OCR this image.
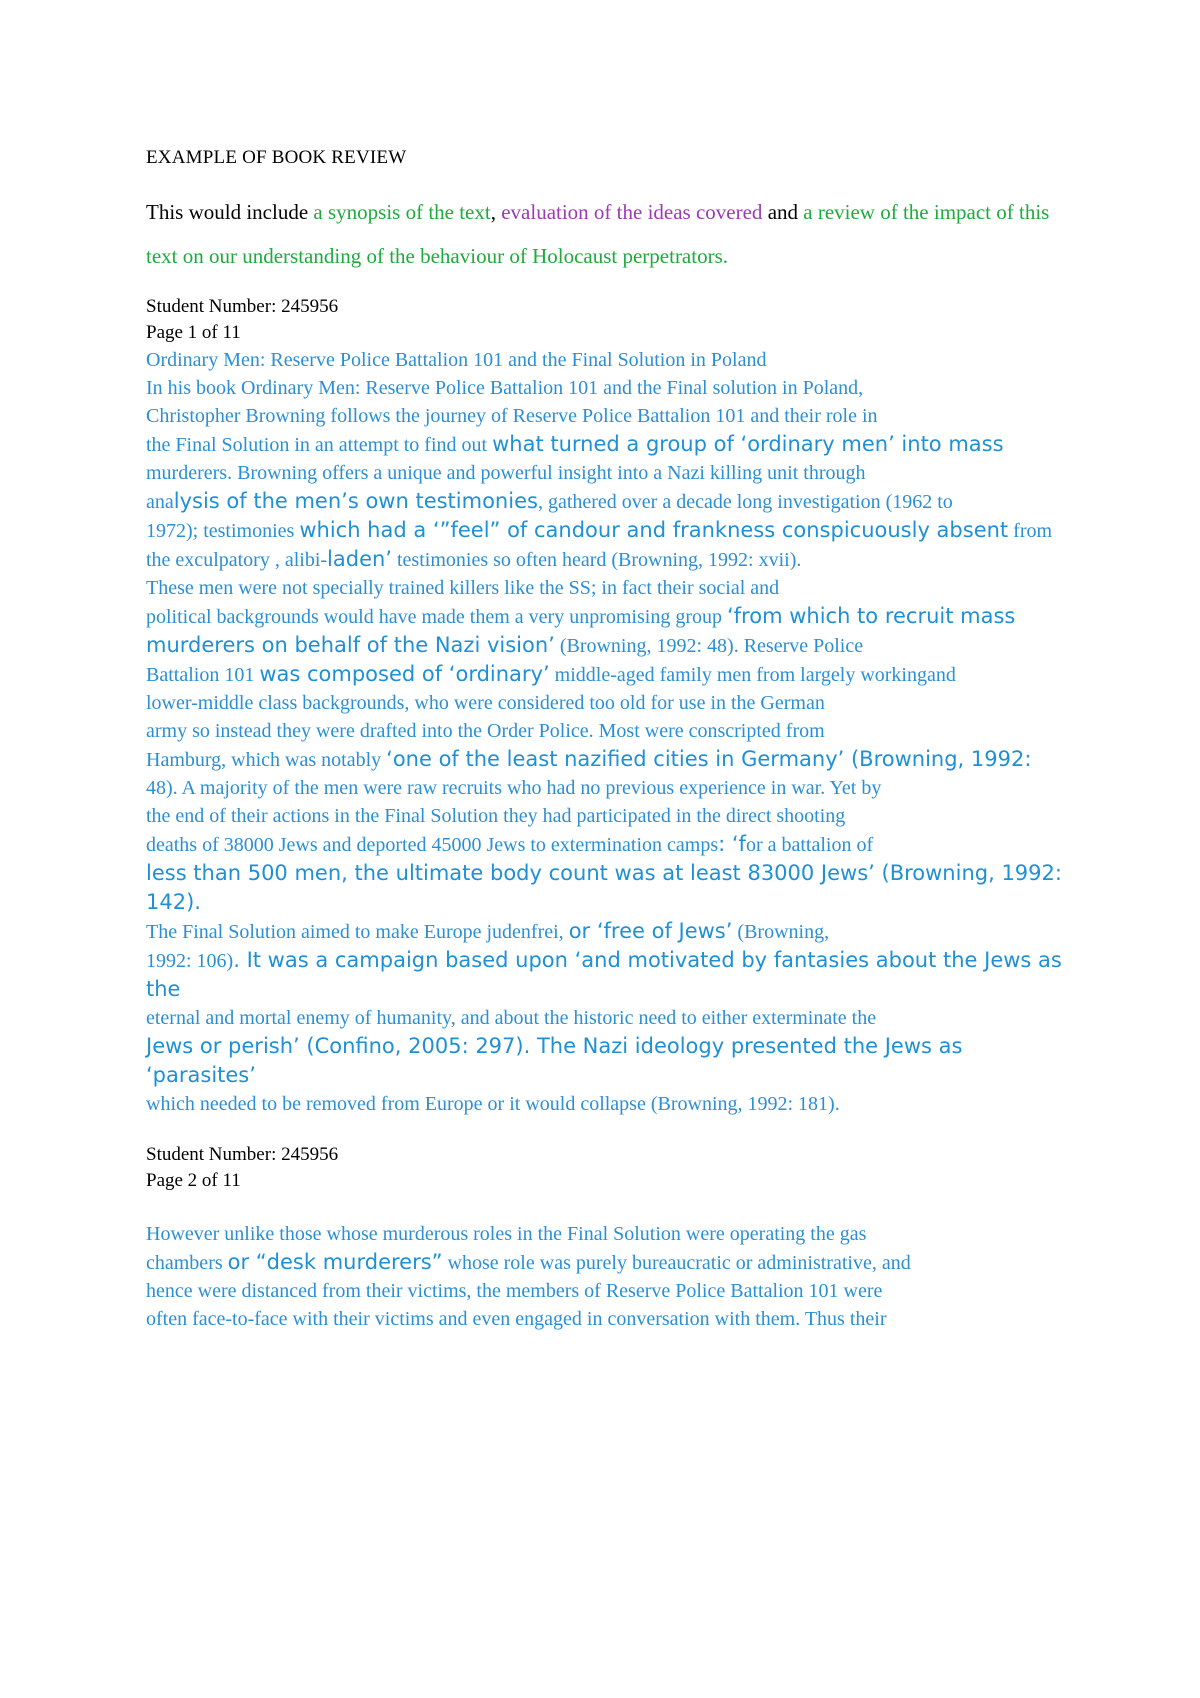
EXAMPLE OF BOOK REVIEW

This would include a synopsis of the text, evaluation of the ideas covered and a review of the impact of this text on our understanding of the behaviour of Holocaust perpetrators.

Student Number: 245956
Page 1 of 11
Ordinary Men: Reserve Police Battalion 101 and the Final Solution in Poland
In his book Ordinary Men: Reserve Police Battalion 101 and the Final solution in Poland,
Christopher Browning follows the journey of Reserve Police Battalion 101 and their role in
the Final Solution in an attempt to find out what turned a group of ‘ordinary men’ into mass
murderers. Browning offers a unique and powerful insight into a Nazi killing unit through
analysis of the men’s own testimonies, gathered over a decade long investigation (1962 to
1972); testimonies which had a ‘”feel” of candour and frankness conspicuously absent from
the exculpatory , alibi-laden’ testimonies so often heard (Browning, 1992: xvii).
These men were not specially trained killers like the SS; in fact their social and
political backgrounds would have made them a very unpromising group ‘from which to recruit mass murderers on behalf of the Nazi vision’ (Browning, 1992: 48). Reserve Police
Battalion 101 was composed of ‘ordinary’ middle-aged family men from largely workingand
lower-middle class backgrounds, who were considered too old for use in the German
army so instead they were drafted into the Order Police. Most were conscripted from
Hamburg, which was notably ‘one of the least nazified cities in Germany’ (Browning, 1992:
48). A majority of the men were raw recruits who had no previous experience in war. Yet by
the end of their actions in the Final Solution they had participated in the direct shooting
deaths of 38000 Jews and deported 45000 Jews to extermination camps: ‘for a battalion of
less than 500 men, the ultimate body count was at least 83000 Jews’ (Browning, 1992: 142).
The Final Solution aimed to make Europe judenfrei, or ‘free of Jews’ (Browning,
1992: 106). It was a campaign based upon ‘and motivated by fantasies about the Jews as the
eternal and mortal enemy of humanity, and about the historic need to either exterminate the
Jews or perish’ (Confino, 2005: 297). The Nazi ideology presented the Jews as ‘parasites’
which needed to be removed from Europe or it would collapse (Browning, 1992: 181).
Student Number: 245956
Page 2 of 11
However unlike those whose murderous roles in the Final Solution were operating the gas
chambers or “desk murderers” whose role was purely bureaucratic or administrative, and
hence were distanced from their victims, the members of Reserve Police Battalion 101 were
often face-to-face with their victims and even engaged in conversation with them. Thus their
